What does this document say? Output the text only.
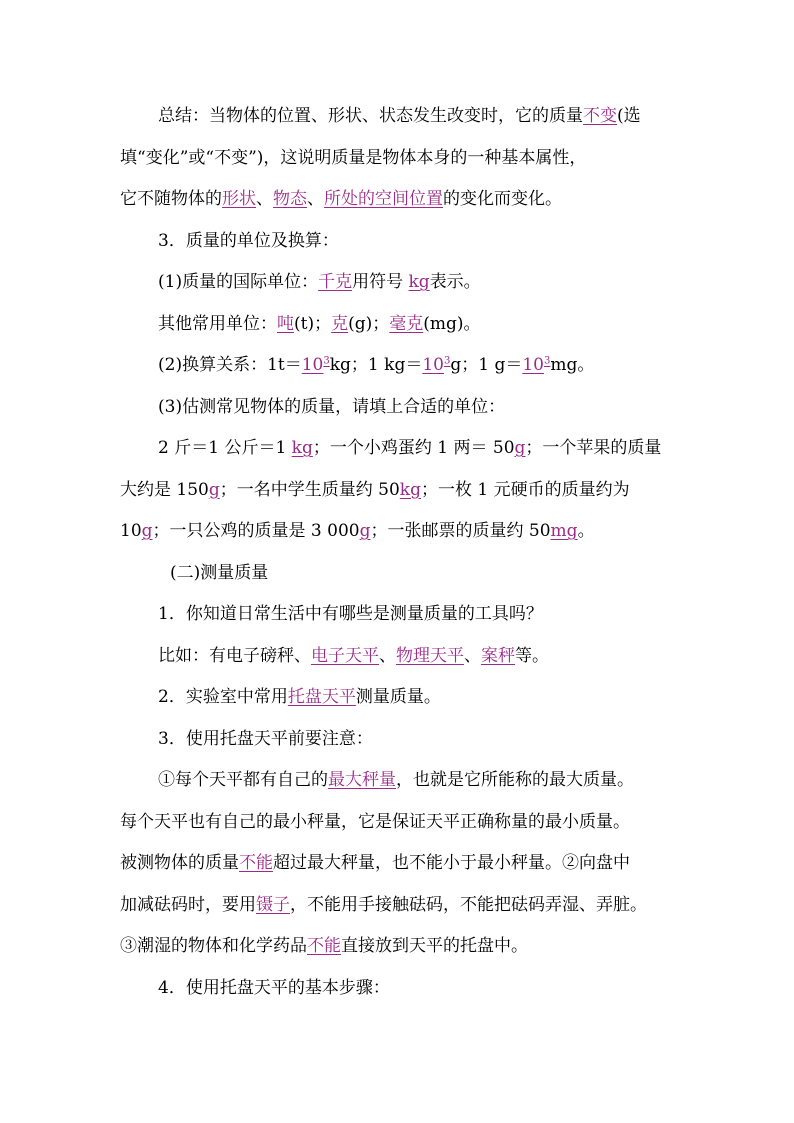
总结：当物体的位置、形状、状态发生改变时，它的质量不变(选

填“变化”或“不变”)，这说明质量是物体本身的一种基本属性，

它不随物体的形状、物态、所处的空间位置的变化而变化。

3．质量的单位及换算：

(1)质量的国际单位：千克用符号 kg表示。

其他常用单位：吨(t)；克(g)；毫克(mg)。

(2)换算关系：$1t=10^3kg$；1 $kg=10^3g$；1 $g=10^3mg$。

(3)估测常见物体的质量，请填上合适的单位：

2 斤＝1 公斤＝1 kg；一个小鸡蛋约 1 两＝ 50g；一个苹果的质量

大约是 150g；一名中学生质量约 50kg；一枚 1 元硬币的质量约为

10g；一只公鸡的质量是 3 000g；一张邮票的质量约 50mg。

(二)测量质量

1．你知道日常生活中有哪些是测量质量的工具吗？

比如：有电子磅秤、电子天平、物理天平、案秤等。

2．实验室中常用托盘天平测量质量。

3．使用托盘天平前要注意：

①每个天平都有自己的最大秤量，也就是它所能称的最大质量。

每个天平也有自己的最小秤量，它是保证天平正确称量的最小质量。

被测物体的质量不能超过最大秤量，也不能小于最小秤量。②向盘中

加减砝码时，要用镊子，不能用手接触砝码，不能把砝码弄湿、弄脏。

③潮湿的物体和化学药品不能直接放到天平的托盘中。

4．使用托盘天平的基本步骤：
